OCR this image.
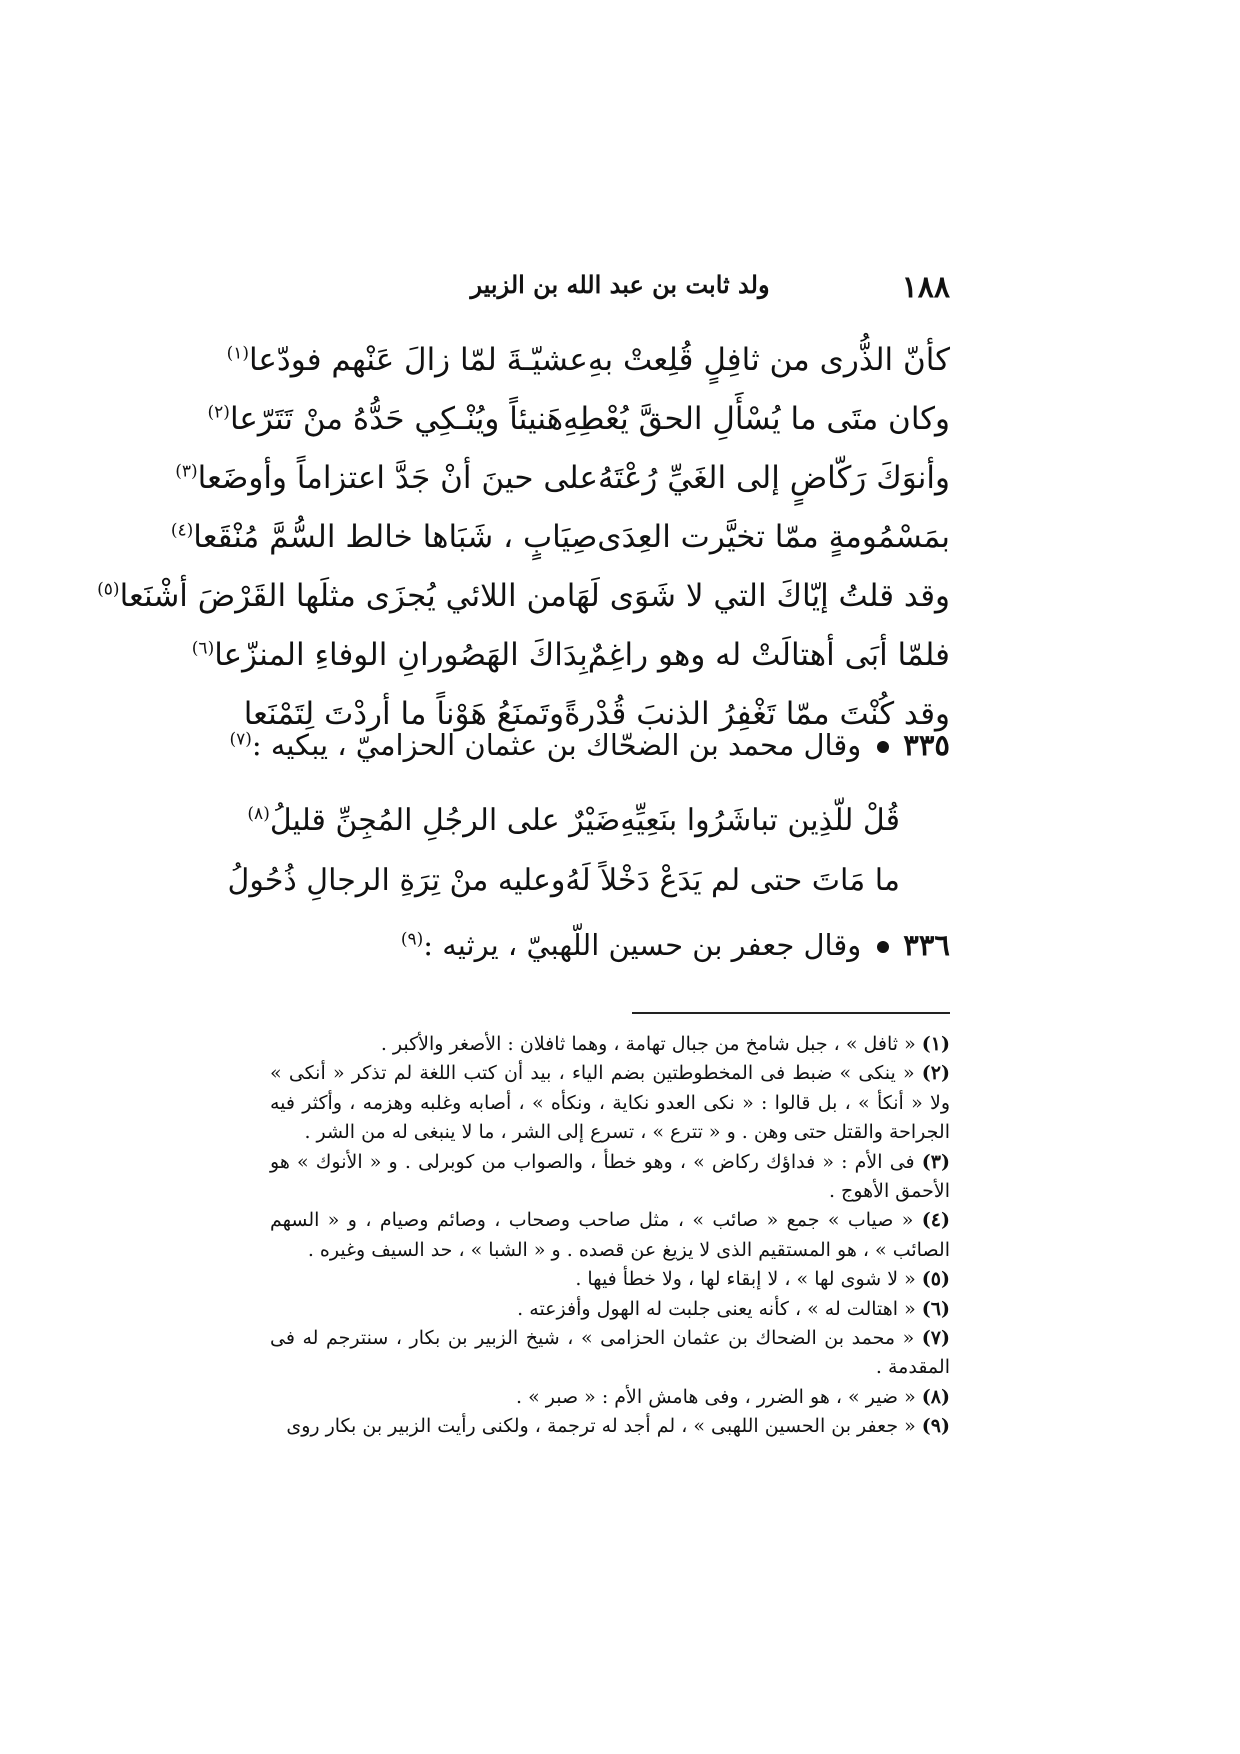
١٨٨
ولد ثابت بن عبد الله بن الزبير
كأنّ الذُّرى من ثافِلٍ قُلِعتْ بهِ
عشيّـةَ لمّا زالَ عَنْهم فودّعا$^{(١)}$
وكان متَى ما يُسْأَلِ الحقَّ يُعْطِهِ
هَنيئاً ويُنْـكِي حَدُّهُ منْ تَتَرّعا$^{(٢)}$
وأنوَكَ رَكّاضٍ إلى الغَيِّ رُعْتَهُ
على حينَ أنْ جَدَّ اعتزاماً وأوضَعا$^{(٣)}$
بمَسْمُومةٍ ممّا تخيَّرت العِدَى
صِيَابٍ ، شَبَاها خالط السُّمَّ مُنْقَعا$^{(٤)}$
وقد قلتُ إيّاكَ التي لا شَوَى لَهَا
من اللائي يُجزَى مثلَها القَرْضَ أشْنَعا$^{(٥)}$
فلمّا أبَى أهتالَتْ له وهو راغِمٌ
بِدَاكَ الهَصُورانِ الوفاءِ المنزّعا$^{(٦)}$
وقد كُنْتَ ممّا تَغْفِرُ الذنبَ قُدْرةً
وتَمنَعُ هَوْناً ما أردْتَ لِتَمْنَعا
٣٣٥وقال محمد بن الضحّاك بن عثمان الحزاميّ ، يبكيه :$^{(٧)}$
قُلْ للّذِين تباشَرُوا بنَعِيِّهِ
ضَيْرٌ على الرجُلِ المُجِنِّ قليلُ$^{(٨)}$
ما مَاتَ حتى لم يَدَعْ دَخْلاً لَهُ
وعليه منْ تِرَةِ الرجالِ ذُحُولُ
٣٣٦وقال جعفر بن حسين اللّهبيّ ، يرثيه :$^{(٩)}$

(١) « ثافل » ، جبل شامخ من جبال تهامة ، وهما ثافلان : الأصغر والأكبر .

(٢) « ينكى » ضبط فى المخطوطتين بضم الياء ، بيد أن كتب اللغة لم تذكر « أنكى » ولا « أنكأ » ، بل قالوا : « نكى العدو نكاية ، ونكأه » ، أصابه وغلبه وهزمه ، وأكثر فيه الجراحة والقتل حتى وهن . و « تترع » ، تسرع إلى الشر ، ما لا ينبغى له من الشر .

(٣) فى الأم : « فداؤك ركاض » ، وهو خطأ ، والصواب من كوبرلى . و « الأنوك » هو الأحمق الأهوج .

(٤) « صياب » جمع « صائب » ، مثل صاحب وصحاب ، وصائم وصيام ، و « السهم الصائب » ، هو المستقيم الذى لا يزيغ عن قصده . و « الشبا » ، حد السيف وغيره .

(٥) « لا شوى لها » ، لا إبقاء لها ، ولا خطأ فيها .

(٦) « اهتالت له » ، كأنه يعنى جلبت له الهول وأفزعته .

(٧) « محمد بن الضحاك بن عثمان الحزامى » ، شيخ الزبير بن بكار ، سنترجم له فى المقدمة .

(٨) « ضير » ، هو الضرر ، وفى هامش الأم : « صبر » .

(٩) « جعفر بن الحسين اللهبى » ، لم أجد له ترجمة ، ولكنى رأيت الزبير بن بكار روى
